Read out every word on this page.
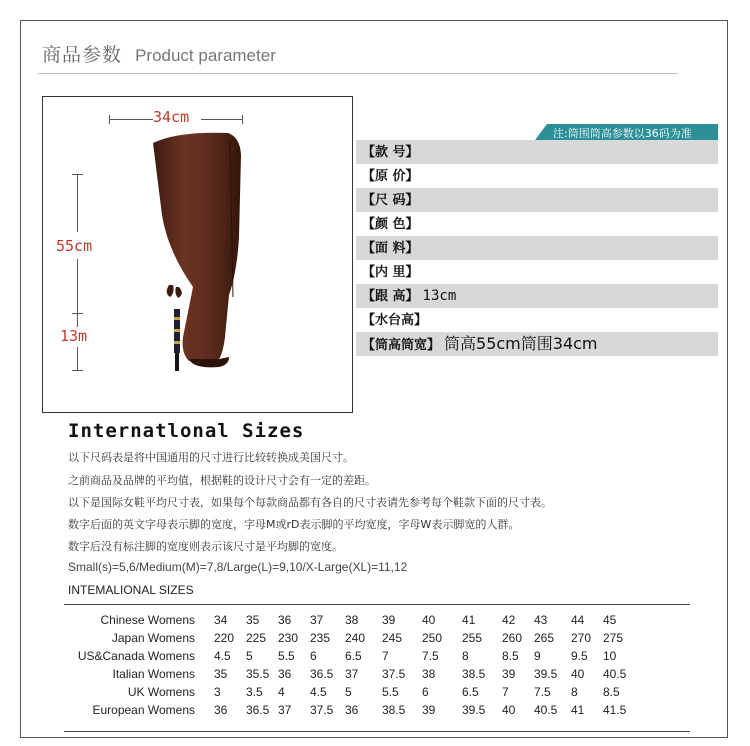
商品参数 Product parameter
34cm
55cm
13m
注:筒围筒高参数以36码为准
【款 号】
【原 价】
【尺 码】
【颜 色】
【面 料】
【内 里】
【跟 高】 13cm
【水台高】
【筒高筒宽】 筒高55cm筒围34cm
Internatlonal Sizes
以下尺码表是将中国通用的尺寸进行比较转换成美国尺寸。
之前商品及品牌的平均值，根据鞋的设计尺寸会有一定的差距。
以下是国际女鞋平均尺寸表，如果每个每款商品都有各自的尺寸表请先参考每个鞋款下面的尺寸表。
数字后面的英文字母表示脚的宽度，字母M或rD表示脚的平均宽度，字母W表示脚宽的人群。
数字后没有标注脚的宽度则表示该尺寸是平均脚的宽度。
Small(s)=5,6/Medium(M)=7,8/Large(L)=9,10/X-Large(XL)=11,12
INTEMALIONAL SIZES
Chinese Womens	34	35	36	37	38	39	40	41	42	43	44	45
Japan Womens	220	225	230	235	240	245	250	255	260	265	270	275
US&Canada Womens	4.5	5	5.5	6	6.5	7	7.5	8	8.5	9	9.5	10
Italian Womens	35	35.5	36	36.5	37	37.5	38	38.5	39	39.5	40	40.5
UK Womens	3	3.5	4	4.5	5	5.5	6	6.5	7	7.5	8	8.5
European Womens	36	36.5	37	37.5	36	38.5	39	39.5	40	40.5	41	41.5
